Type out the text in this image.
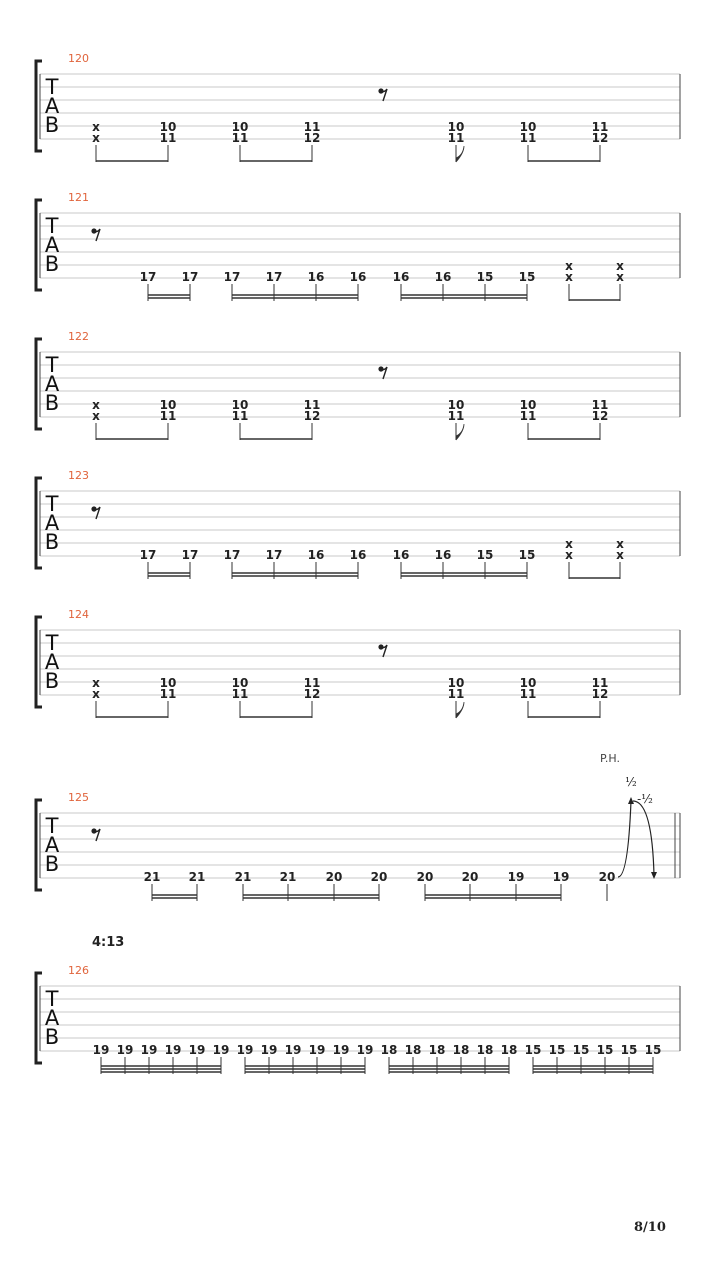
T
A
B
120
x
x
10
11
10
11
11
12
10
11
10
11
11
12
T
A
B
121
17 17 17 17 16 16 16 16 15 15
x
x
x
x
T
A
B
122
x
x
10
11
10
11
11
12
10
11
10
11
11
12
T
A
B
123
17 17 17 17 16 16 16 16 15 15
x
x
x
x
T
A
B
124
x
x
10
11
10
11
11
12
10
11
10
11
11
12
T
A
B
125
21 21 21 21 20 20 20 20 19 19 20
P.H.
½
-½
T
A
B
126
4:13
19 19 19 19 19 19 19 19 19 19 19 19 18 18 18 18 18 18 15 15 15 15 15 15
8/10
